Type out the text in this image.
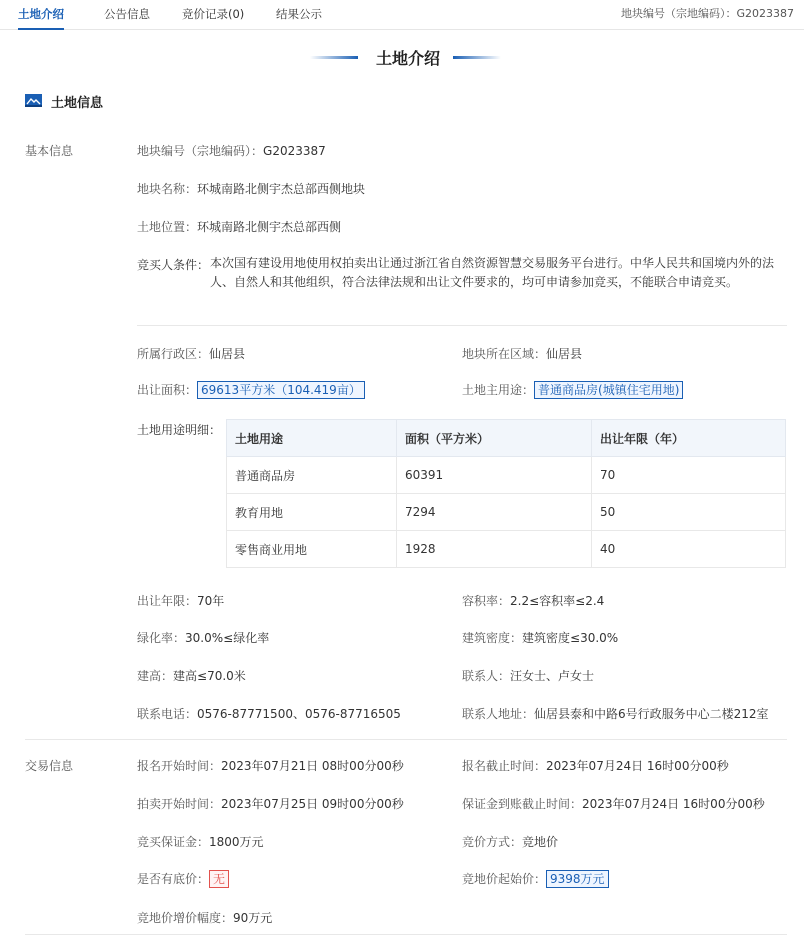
土地介绍	公告信息	竞价记录(0)	结果公示	地块编号（宗地编码）：G2023387
土地介绍
土地信息
基本信息	地块编号（宗地编码）：G2023387
地块名称：环城南路北侧宇杰总部西侧地块
土地位置：环城南路北侧宇杰总部西侧
竞买人条件： 本次国有建设用地使用权拍卖出让通过浙江省自然资源智慧交易服务平台进行。中华人民共和国境内外的法人、自然人和其他组织，符合法律法规和出让文件要求的，均可申请参加竞买，不能联合申请竞买。
所属行政区：仙居县	地块所在区域：仙居县
出让面积： 69613平方米（104.419亩）	土地主用途： 普通商品房(城镇住宅用地)
土地用途明细：
土地用途	面积（平方米）	出让年限（年）
普通商品房	60391	70
教育用地	7294	50
零售商业用地	1928	40
出让年限：70年	容积率：2.2≤容积率≤2.4
绿化率：30.0%≤绿化率	建筑密度：建筑密度≤30.0%
建高：建高≤70.0米	联系人：汪女士、卢女士
联系电话：0576-87771500、0576-87716505	联系人地址：仙居县泰和中路6号行政服务中心二楼212室
交易信息	报名开始时间：2023年07月21日 08时00分00秒	报名截止时间：2023年07月24日 16时00分00秒
拍卖开始时间：2023年07月25日 09时00分00秒	保证金到账截止时间：2023年07月24日 16时00分00秒
竞买保证金：1800万元	竞价方式：竞地价
是否有底价： 无	竞地价起始价： 9398万元
竞地价增价幅度：90万元
